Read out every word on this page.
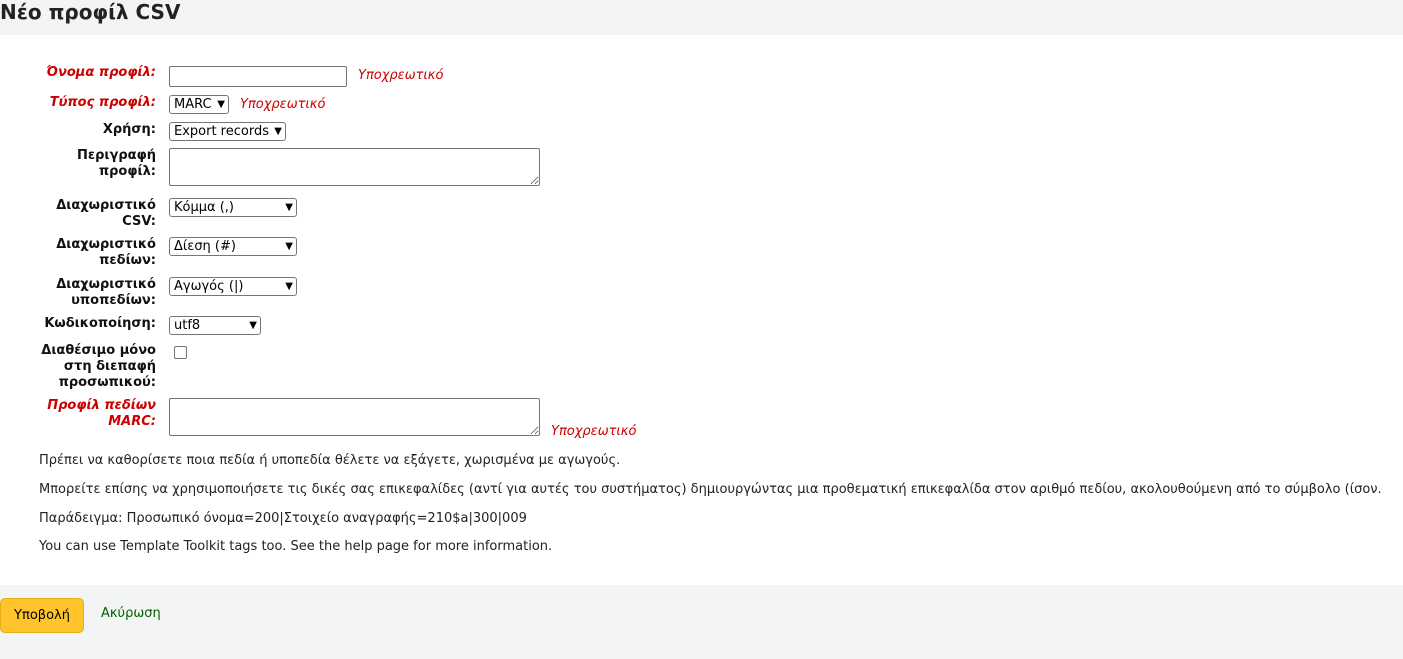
Νέο προφίλ CSV
Όνομα προφίλ:	Υποχρεωτικό
Τύπος προφίλ:	MARC ▼ Υποχρεωτικό
Χρήση:	Export records ▼
Περιγραφή
προφίλ:
Διαχωριστικό
CSV:
Κόμμα (,)	▼
Διαχωριστικό
πεδίων:
Δίεση (#)	▼
Διαχωριστικό
υποπεδίων:
Αγωγός (|)	▼
Κωδικοποίηση:	utf8	▼
Διαθέσιμο μόνο
στη διεπαφή
προσωπικού:
Προφίλ πεδίων
MARC:
Υποχρεωτικό
Πρέπει να καθορίσετε ποια πεδία ή υποπεδία θέλετε να εξάγετε, χωρισμένα με αγωγούς.
Μπορείτε επίσης να χρησιμοποιήσετε τις δικές σας επικεφαλίδες (αντί για αυτές του συστήματος) δημιουργώντας μια προθεματική επικεφαλίδα στον αριθμό πεδίου, ακολουθούμενη από το σύμβολο (ίσον.
Παράδειγμα: Προσωπικό όνομα=200|Στοιχείο αναγραφής=210$a|300|009
You can use Template Toolkit tags too. See the help page for more information.
Υποβολή	Ακύρωση
